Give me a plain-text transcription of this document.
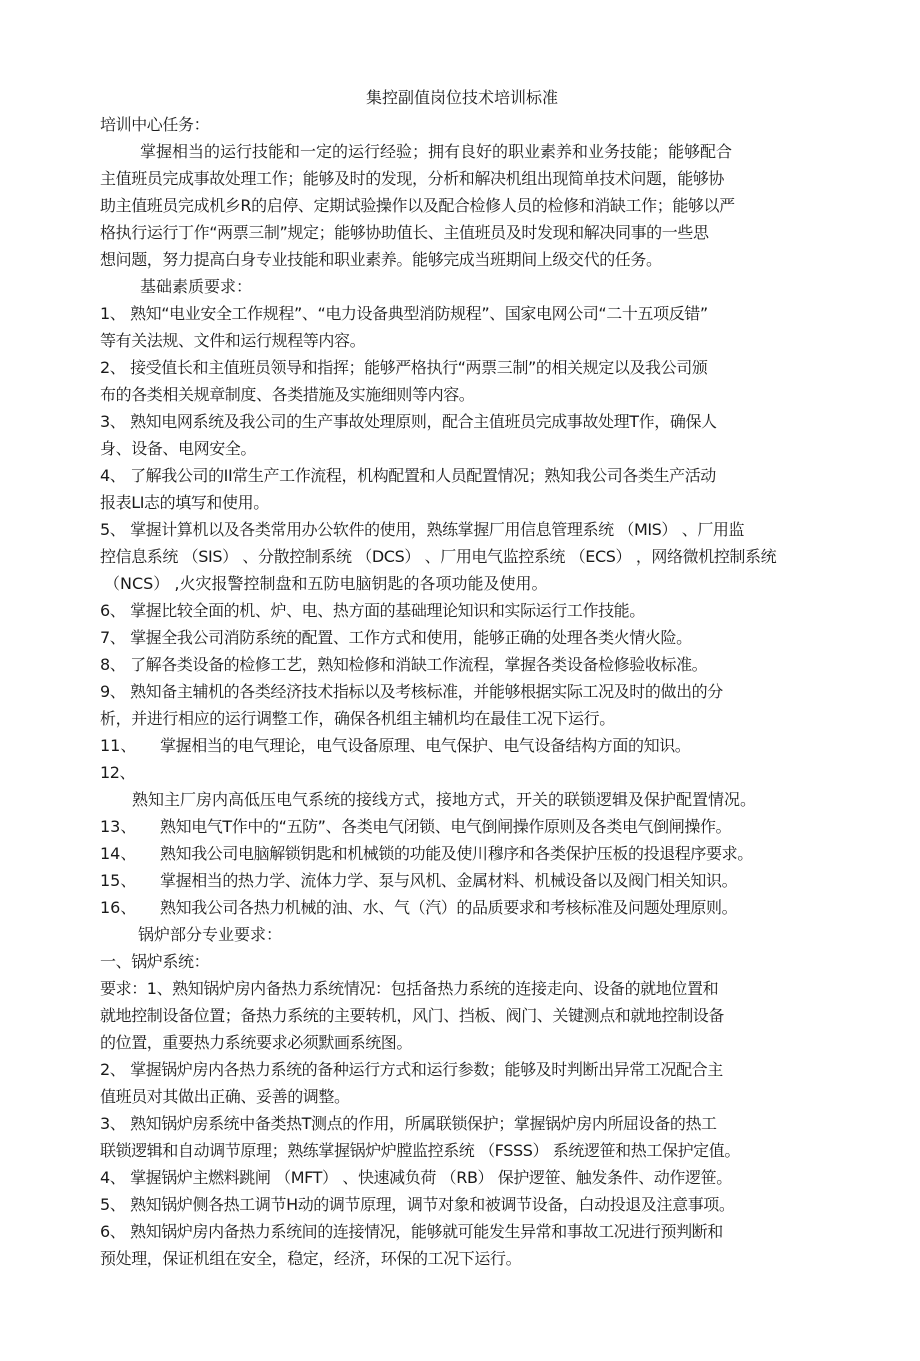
集控副值岗位技术培训标准
培训中心任务：
掌握相当的运行技能和一定的运行经验；拥有良好的职业素养和业务技能；能够配合
主值班员完成事故处理工作；能够及时的发现，分析和解决机组出现简单技术问题，能够协
助主值班员完成机乡R的启停、定期试验操作以及配合检修人员的检修和消缺工作；能够以严
格执行运行丁作“两票三制”规定；能够协助值长、主值班员及时发现和解决同事的一些思
想问题，努力提高白身专业技能和职业素养。能够完成当班期间上级交代的任务。
基础素质要求：
1、 熟知“电业安全工作规程”、“电力设备典型消防规程”、国家电网公司“二十五项反错”
等有关法规、文件和运行规程等内容。
2、 接受值长和主值班员领导和指挥；能够严格执行“两票三制”的相关规定以及我公司颁
布的各类相关规章制度、各类措施及实施细则等内容。
3、 熟知电网系统及我公司的生产事故处理原则，配合主值班员完成事故处理T作，确保人
身、设备、电网安全。
4、 了解我公司的II常生产工作流程，机构配置和人员配置情况；熟知我公司各类生产活动
报表LI志的填写和使用。
5、 掌握计算机以及各类常用办公软件的使用，熟练掌握厂用信息管理系统 （MIS） 、厂用监
控信息系统 （SIS） 、分散控制系统 （DCS） 、厂用电气监控系统 （ECS） ，网络微机控制系统
（NCS） ,火灾报警控制盘和五防电脑钥匙的各项功能及使用。
6、 掌握比较全面的机、炉、电、热方面的基础理论知识和实际运行工作技能。
7、 掌握全我公司消防系统的配置、工作方式和使用，能够正确的处理各类火情火险。
8、 了解各类设备的检修工艺，熟知检修和消缺工作流程，掌握各类设备检修验收标准。
9、 熟知备主辅机的各类经济技术指标以及考核标准，并能够根据实际工况及时的做出的分
析，并进行相应的运行调整工作，确保各机组主辅机均在最佳工况下运行。
11、 掌握相当的电气理论，电气设备原理、电气保护、电气设备结构方面的知识。
12、
熟知主厂房内高低压电气系统的接线方式，接地方式，开关的联锁逻辑及保护配置情况。
13、 熟知电气T作中的“五防”、各类电气闭锁、电气倒闸操作原则及各类电气倒闸操作。
14、 熟知我公司电脑解锁钥匙和机械锁的功能及使川穆序和各类保护压板的投退程序要求。
15、 掌握相当的热力学、流体力学、泵与风机、金属材料、机械设备以及阀门相关知识。
16、 熟知我公司各热力机械的油、水、气（汽）的品质要求和考核标准及问题处理原则。
锅炉部分专业要求：
一、锅炉系统：
要求：1、熟知锅炉房内备热力系统情况：包括备热力系统的连接走向、设备的就地位置和
就地控制设备位置；备热力系统的主要转机，风门、挡板、阀门、关键测点和就地控制设备
的位置，重要热力系统要求必须默画系统图。
2、 掌握锅炉房内各热力系统的备种运行方式和运行参数；能够及时判断出异常工况配合主
值班员对其做出正确、妥善的调整。
3、 熟知锅炉房系统中备类热T测点的作用，所属联锁保护；掌握锅炉房内所屈设备的热工
联锁逻辑和自动调节原理；熟练掌握锅炉炉膛监控系统 （FSSS） 系统逻笹和热工保护定值。
4、 掌握锅炉主燃料跳闸 （MFT） 、快速减负荷 （RB） 保护逻笹、触发条件、动作逻笹。
5、 熟知锅炉侧各热工调节H动的调节原理，调节对象和被调节设备，白动投退及注意事项。
6、 熟知锅炉房内备热力系统间的连接情况，能够就可能发生异常和事故工况进行预判断和
预处理，保证机组在安全，稳定，经济，环保的工况下运行。
